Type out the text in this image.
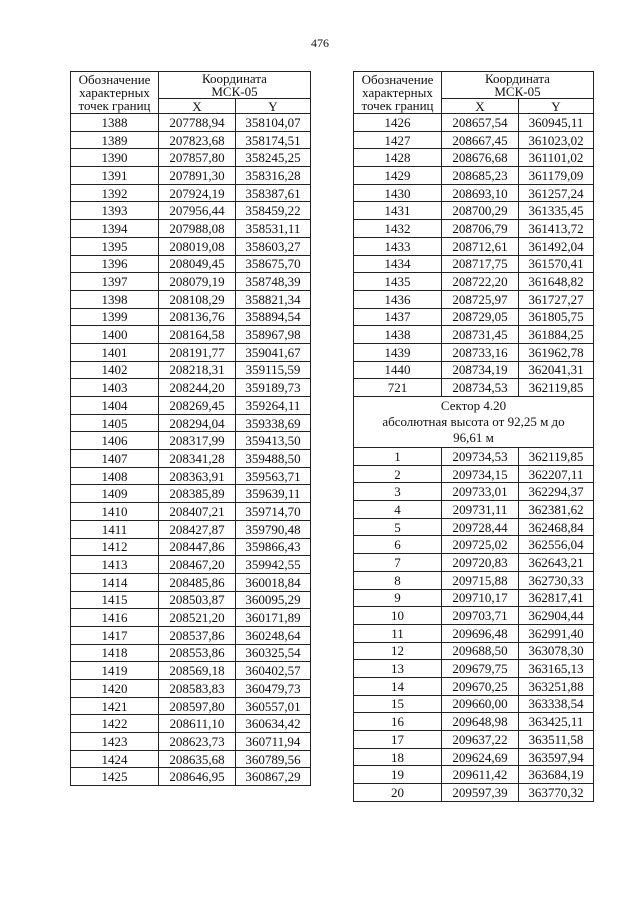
476
Обозначение
характерных
точек границ	Координата
МСК-05	

	X	Y
1388	207788,94	358104,07
1389	207823,68	358174,51
1390	207857,80	358245,25
1391	207891,30	358316,28
1392	207924,19	358387,61
1393	207956,44	358459,22
1394	207988,08	358531,11
1395	208019,08	358603,27
1396	208049,45	358675,70
1397	208079,19	358748,39
1398	208108,29	358821,34
1399	208136,76	358894,54
1400	208164,58	358967,98
1401	208191,77	359041,67
1402	208218,31	359115,59
1403	208244,20	359189,73
1404	208269,45	359264,11
1405	208294,04	359338,69
1406	208317,99	359413,50
1407	208341,28	359488,50
1408	208363,91	359563,71
1409	208385,89	359639,11
1410	208407,21	359714,70
1411	208427,87	359790,48
1412	208447,86	359866,43
1413	208467,20	359942,55
1414	208485,86	360018,84
1415	208503,87	360095,29
1416	208521,20	360171,89
1417	208537,86	360248,64
1418	208553,86	360325,54
1419	208569,18	360402,57
1420	208583,83	360479,73
1421	208597,80	360557,01
1422	208611,10	360634,42
1423	208623,73	360711,94
1424	208635,68	360789,56
1425	208646,95	360867,29
Обозначение
характерных
точек границ	Координата
МСК-05	

	X	Y
1426	208657,54	360945,11
1427	208667,45	361023,02
1428	208676,68	361101,02
1429	208685,23	361179,09
1430	208693,10	361257,24
1431	208700,29	361335,45
1432	208706,79	361413,72
1433	208712,61	361492,04
1434	208717,75	361570,41
1435	208722,20	361648,82
1436	208725,97	361727,27
1437	208729,05	361805,75
1438	208731,45	361884,25
1439	208733,16	361962,78
1440	208734,19	362041,31
721	208734,53	362119,85

Сектор 4.20
абсолютная высота от 92,25 м до
96,61 м		

1	209734,53	362119,85
2	209734,15	362207,11
3	209733,01	362294,37
4	209731,11	362381,62
5	209728,44	362468,84
6	209725,02	362556,04
7	209720,83	362643,21
8	209715,88	362730,33
9	209710,17	362817,41
10	209703,71	362904,44
11	209696,48	362991,40
12	209688,50	363078,30
13	209679,75	363165,13
14	209670,25	363251,88
15	209660,00	363338,54
16	209648,98	363425,11
17	209637,22	363511,58
18	209624,69	363597,94
19	209611,42	363684,19
20	209597,39	363770,32
